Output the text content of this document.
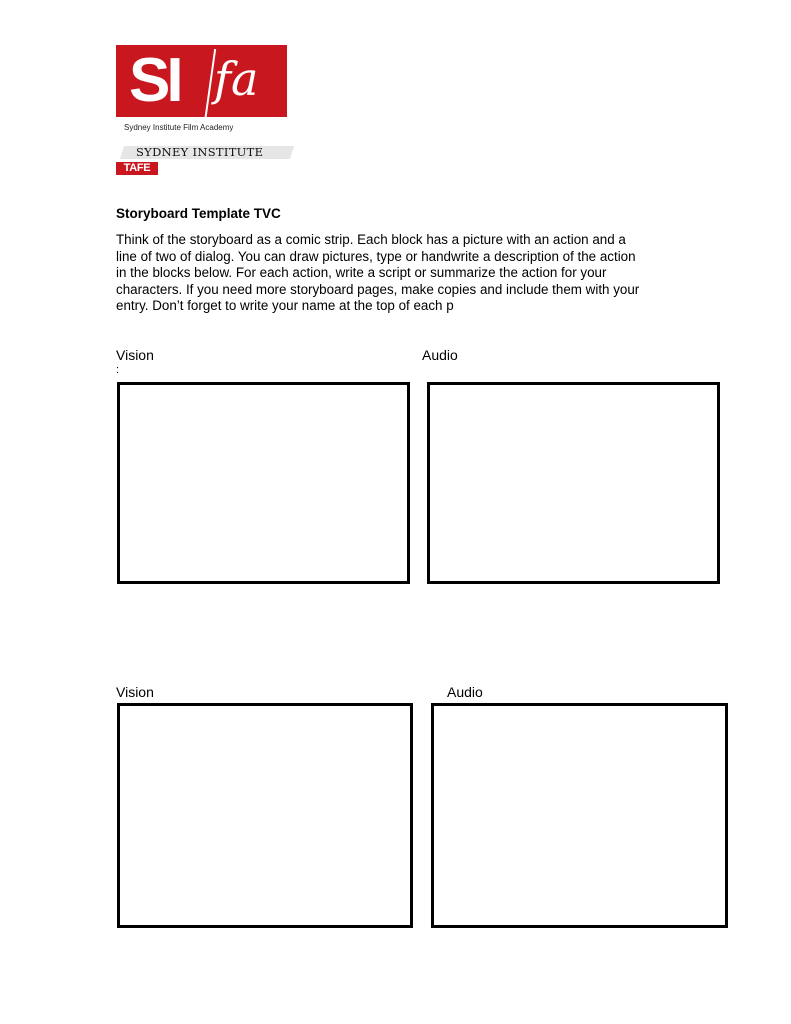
SI fa
Sydney Institute Film Academy
SYDNEY INSTITUTE
TAFE
Storyboard Template TVC

Think of the storyboard as a comic strip. Each block has a picture with an action and a

line of two of dialog. You can draw pictures, type or handwrite a description of the action

in the blocks below. For each action, write a script or summarize the action for your

characters. If you need more storyboard pages, make copies and include them with your

entry. Don’t forget to write your name at the top of each p

Vision	Audio
:
Vision	Audio
